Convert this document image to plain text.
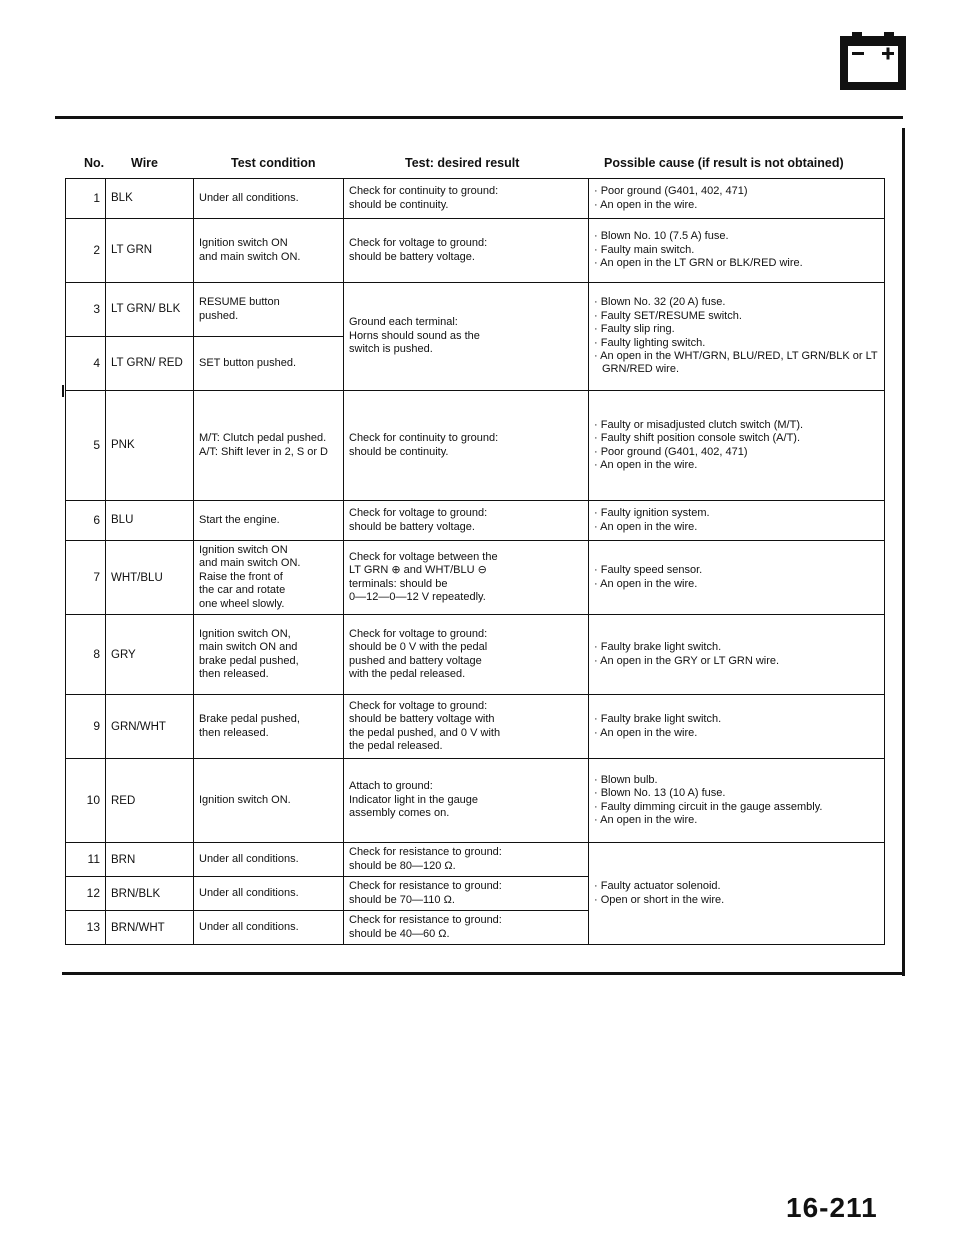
No. Wire	Test condition	Test: desired result	Possible cause (if result is not obtained)
1	BLK	Under all conditions.	Check for continuity to ground:
should be continuity.	· Poor ground (G401, 402, 471)
· An open in the wire.

2	LT GRN	Ignition switch ON
and main switch ON.	Check for voltage to ground:
should be battery voltage.	· Blown No. 10 (7.5 A) fuse.
· Faulty main switch.
· An open in the LT GRN or BLK/RED wire.

3	LT GRN/ BLK	RESUME button
pushed.	Ground each terminal:
Horns should sound as the
switch is pushed.	· Blown No. 32 (20 A) fuse.
· Faulty SET/RESUME switch.
· Faulty slip ring.
· Faulty lighting switch.
· An open in the WHT/GRN, BLU/RED, LT GRN/BLK or LT GRN/RED wire.

4	LT GRN/ RED	SET button pushed.		

5	PNK	M/T: Clutch pedal pushed.
A/T: Shift lever in 2, S or D	Check for continuity to ground:
should be continuity.	· Faulty or misadjusted clutch switch (M/T).
· Faulty shift position console switch (A/T).
· Poor ground (G401, 402, 471)
· An open in the wire.

6	BLU	Start the engine.	Check for voltage to ground:
should be battery voltage.	· Faulty ignition system.
· An open in the wire.

7	WHT/BLU	Ignition switch ON
and main switch ON.
Raise the front of
the car and rotate
one wheel slowly.	Check for voltage between the
LT GRN ⊕ and WHT/BLU ⊖
terminals: should be
0—12—0—12 V repeatedly.	· Faulty speed sensor.
· An open in the wire.

8	GRY	Ignition switch ON,
main switch ON and
brake pedal pushed,
then released.	Check for voltage to ground:
should be 0 V with the pedal
pushed and battery voltage
with the pedal released.	· Faulty brake light switch.
· An open in the GRY or LT GRN wire.

9	GRN/WHT	Brake pedal pushed,
then released.	Check for voltage to ground:
should be battery voltage with
the pedal pushed, and 0 V with
the pedal released.	· Faulty brake light switch.
· An open in the wire.

10	RED	Ignition switch ON.	Attach to ground:
Indicator light in the gauge
assembly comes on.	· Blown bulb.
· Blown No. 13 (10 A) fuse.
· Faulty dimming circuit in the gauge assembly.
· An open in the wire.

11	BRN	Under all conditions.	Check for resistance to ground:
should be 80—120 Ω.	· Faulty actuator solenoid.
· Open or short in the wire.

12	BRN/BLK	Under all conditions.	Check for resistance to ground:
should be 70—110 Ω.	

13	BRN/WHT	Under all conditions.	Check for resistance to ground:
should be 40—60 Ω.	
16-211
